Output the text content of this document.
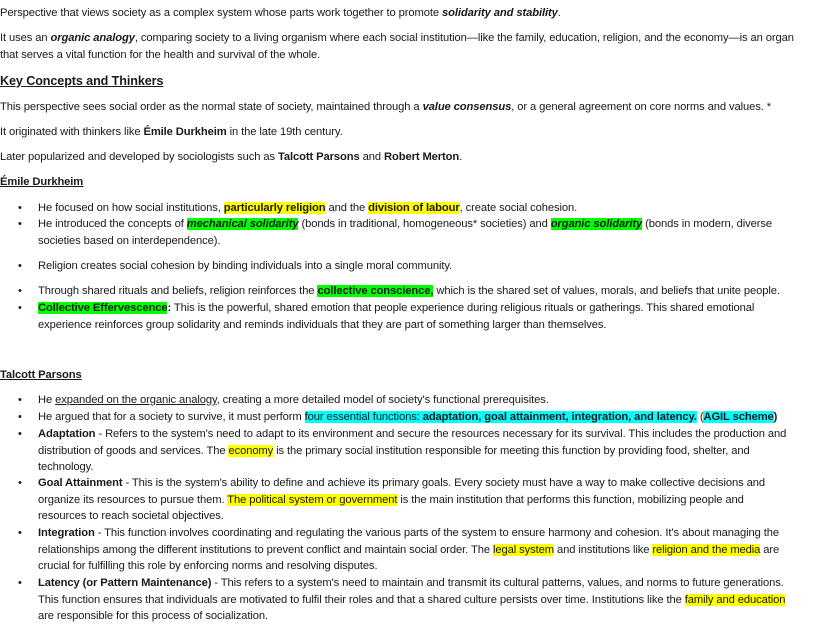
Perspective that views society as a complex system whose parts work together to promote solidarity and stability.
It uses an organic analogy, comparing society to a living organism where each social institution—like the family, education, religion, and the economy—is an organ
that serves a vital function for the health and survival of the whole.
Key Concepts and Thinkers
This perspective sees social order as the normal state of society, maintained through a value consensus, or a general agreement on core norms and values. *
It originated with thinkers like Émile Durkheim in the late 19th century.
Later popularized and developed by sociologists such as Talcott Parsons and Robert Merton.
Émile Durkheim
• He focused on how social institutions, particularly religion and the division of labour, create social cohesion.
• He introduced the concepts of mechanical solidarity (bonds in traditional, homogeneous* societies) and organic solidarity (bonds in modern, diverse
societies based on interdependence).
• Religion creates social cohesion by binding individuals into a single moral community.
• Through shared rituals and beliefs, religion reinforces the collective conscience, which is the shared set of values, morals, and beliefs that unite people.
• Collective Effervescence: This is the powerful, shared emotion that people experience during religious rituals or gatherings. This shared emotional
experience reinforces group solidarity and reminds individuals that they are part of something larger than themselves.
Talcott Parsons
• He expanded on the organic analogy, creating a more detailed model of society's functional prerequisites.
• He argued that for a society to survive, it must perform four essential functions: adaptation, goal attainment, integration, and latency. (AGIL scheme)
• Adaptation - Refers to the system's need to adapt to its environment and secure the resources necessary for its survival. This includes the production and
distribution of goods and services. The economy is the primary social institution responsible for meeting this function by providing food, shelter, and
technology.
• Goal Attainment - This is the system's ability to define and achieve its primary goals. Every society must have a way to make collective decisions and
organize its resources to pursue them. The political system or government is the main institution that performs this function, mobilizing people and
resources to reach societal objectives.
• Integration - This function involves coordinating and regulating the various parts of the system to ensure harmony and cohesion. It's about managing the
relationships among the different institutions to prevent conflict and maintain social order. The legal system and institutions like religion and the media are
crucial for fulfilling this role by enforcing norms and resolving disputes.
• Latency (or Pattern Maintenance) - This refers to a system's need to maintain and transmit its cultural patterns, values, and norms to future generations.
This function ensures that individuals are motivated to fulfil their roles and that a shared culture persists over time. Institutions like the family and education
are responsible for this process of socialization.
